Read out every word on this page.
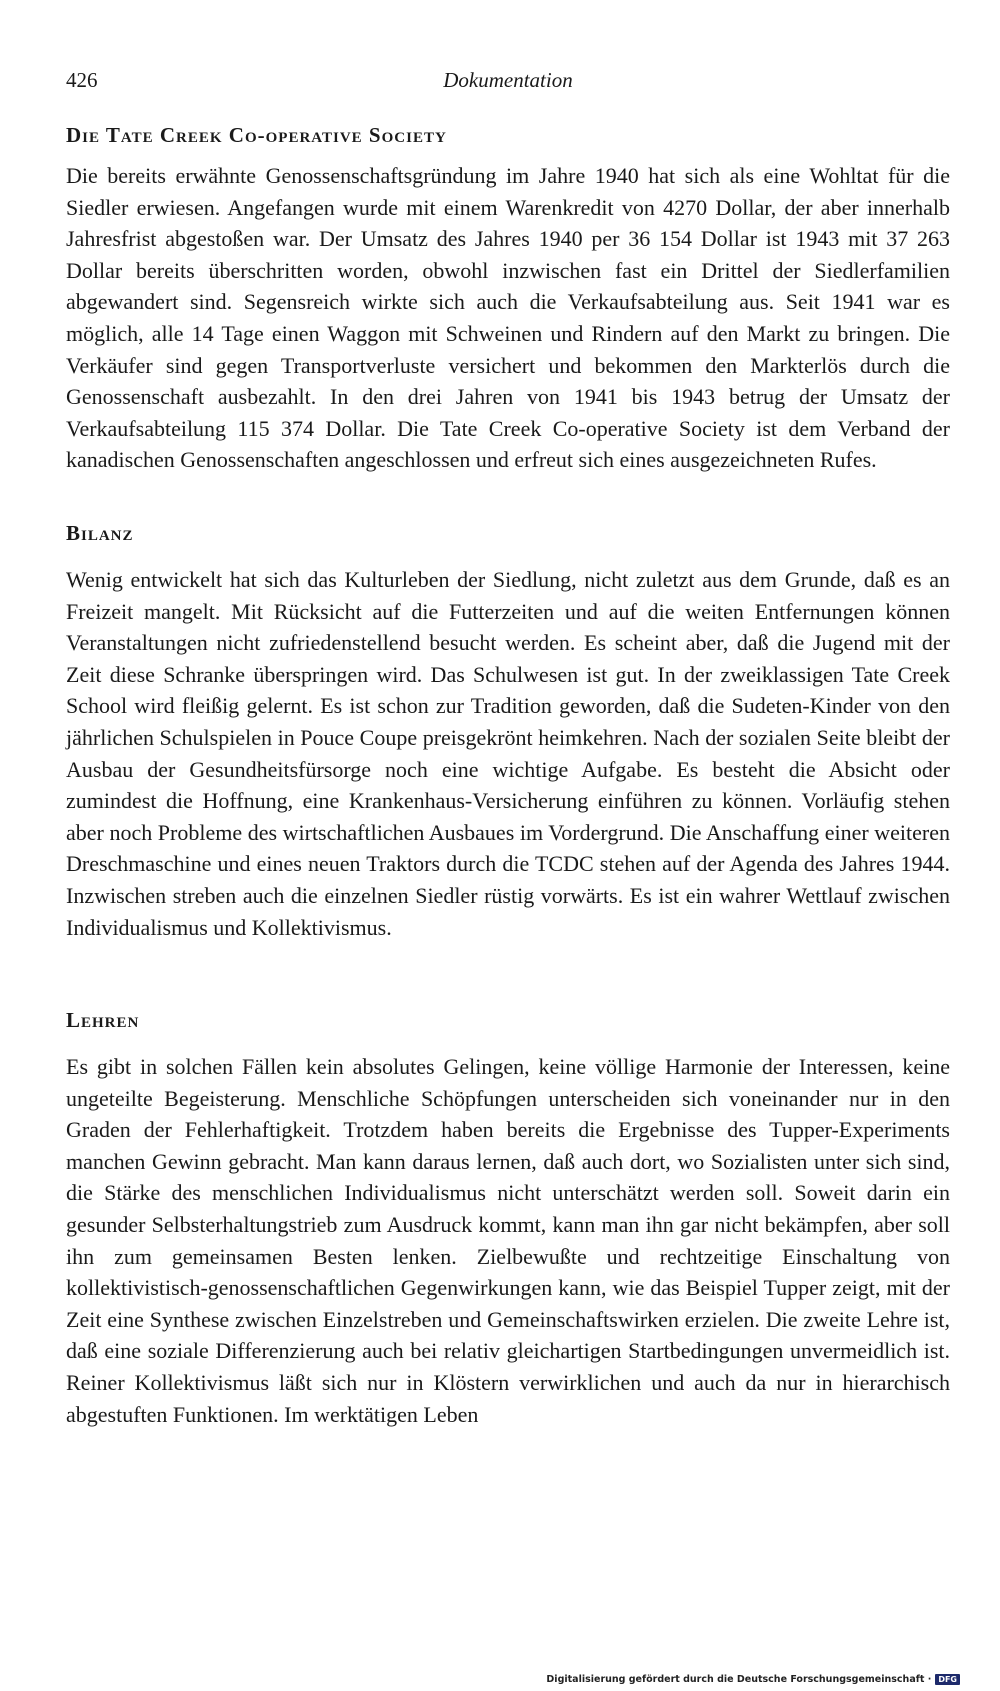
426	Dokumentation
Die Tate Creek Co-operative Society

Die bereits erwähnte Genossenschaftsgründung im Jahre 1940 hat sich als eine Wohltat für die Siedler erwiesen. Angefangen wurde mit einem Warenkredit von 4270 Dollar, der aber innerhalb Jahresfrist abgestoßen war. Der Umsatz des Jahres 1940 per 36 154 Dollar ist 1943 mit 37 263 Dollar bereits überschritten worden, obwohl inzwischen fast ein Drittel der Siedlerfamilien abgewandert sind. Segensreich wirkte sich auch die Verkaufsabteilung aus. Seit 1941 war es möglich, alle 14 Tage einen Waggon mit Schweinen und Rindern auf den Markt zu bringen. Die Verkäufer sind gegen Transportverluste versichert und bekommen den Markterlös durch die Genossenschaft ausbezahlt. In den drei Jahren von 1941 bis 1943 betrug der Umsatz der Verkaufsabteilung 115 374 Dollar. Die Tate Creek Co-operative Society ist dem Verband der kanadischen Genossenschaften angeschlossen und erfreut sich eines ausgezeichneten Rufes.

Bilanz

Wenig entwickelt hat sich das Kulturleben der Siedlung, nicht zuletzt aus dem Grunde, daß es an Freizeit mangelt. Mit Rücksicht auf die Futterzeiten und auf die weiten Entfernungen können Veranstaltungen nicht zufriedenstellend besucht werden. Es scheint aber, daß die Jugend mit der Zeit diese Schranke überspringen wird. Das Schulwesen ist gut. In der zweiklassigen Tate Creek School wird fleißig gelernt. Es ist schon zur Tradition geworden, daß die Sudeten-Kinder von den jährlichen Schulspielen in Pouce Coupe preisgekrönt heimkehren. Nach der sozialen Seite bleibt der Ausbau der Gesundheitsfürsorge noch eine wichtige Aufgabe. Es besteht die Absicht oder zumindest die Hoffnung, eine Krankenhaus-Versicherung einführen zu können. Vorläufig stehen aber noch Probleme des wirtschaftlichen Ausbaues im Vordergrund. Die Anschaffung einer weiteren Dreschmaschine und eines neuen Traktors durch die TCDC stehen auf der Agenda des Jahres 1944. Inzwischen streben auch die einzelnen Siedler rüstig vorwärts. Es ist ein wahrer Wettlauf zwischen Individualismus und Kollektivismus.

Lehren

Es gibt in solchen Fällen kein absolutes Gelingen, keine völlige Harmonie der Interessen, keine ungeteilte Begeisterung. Menschliche Schöpfungen unterscheiden sich voneinander nur in den Graden der Fehlerhaftigkeit. Trotzdem haben bereits die Ergebnisse des Tupper-Experiments manchen Gewinn gebracht. Man kann daraus lernen, daß auch dort, wo Sozialisten unter sich sind, die Stärke des menschlichen Individualismus nicht unterschätzt werden soll. Soweit darin ein gesunder Selbsterhaltungstrieb zum Ausdruck kommt, kann man ihn gar nicht bekämpfen, aber soll ihn zum gemeinsamen Besten lenken. Zielbewußte und rechtzeitige Einschaltung von kollektivistisch-genossenschaftlichen Gegenwirkungen kann, wie das Beispiel Tupper zeigt, mit der Zeit eine Synthese zwischen Einzelstreben und Gemeinschaftswirken erzielen. Die zweite Lehre ist, daß eine soziale Differenzierung auch bei relativ gleichartigen Startbedingungen unvermeidlich ist. Reiner Kollektivismus läßt sich nur in Klöstern verwirklichen und auch da nur in hierarchisch abgestuften Funktionen. Im werktätigen Leben

Digitalisierung gefördert durch die Deutsche Forschungsgemeinschaft · DFG
